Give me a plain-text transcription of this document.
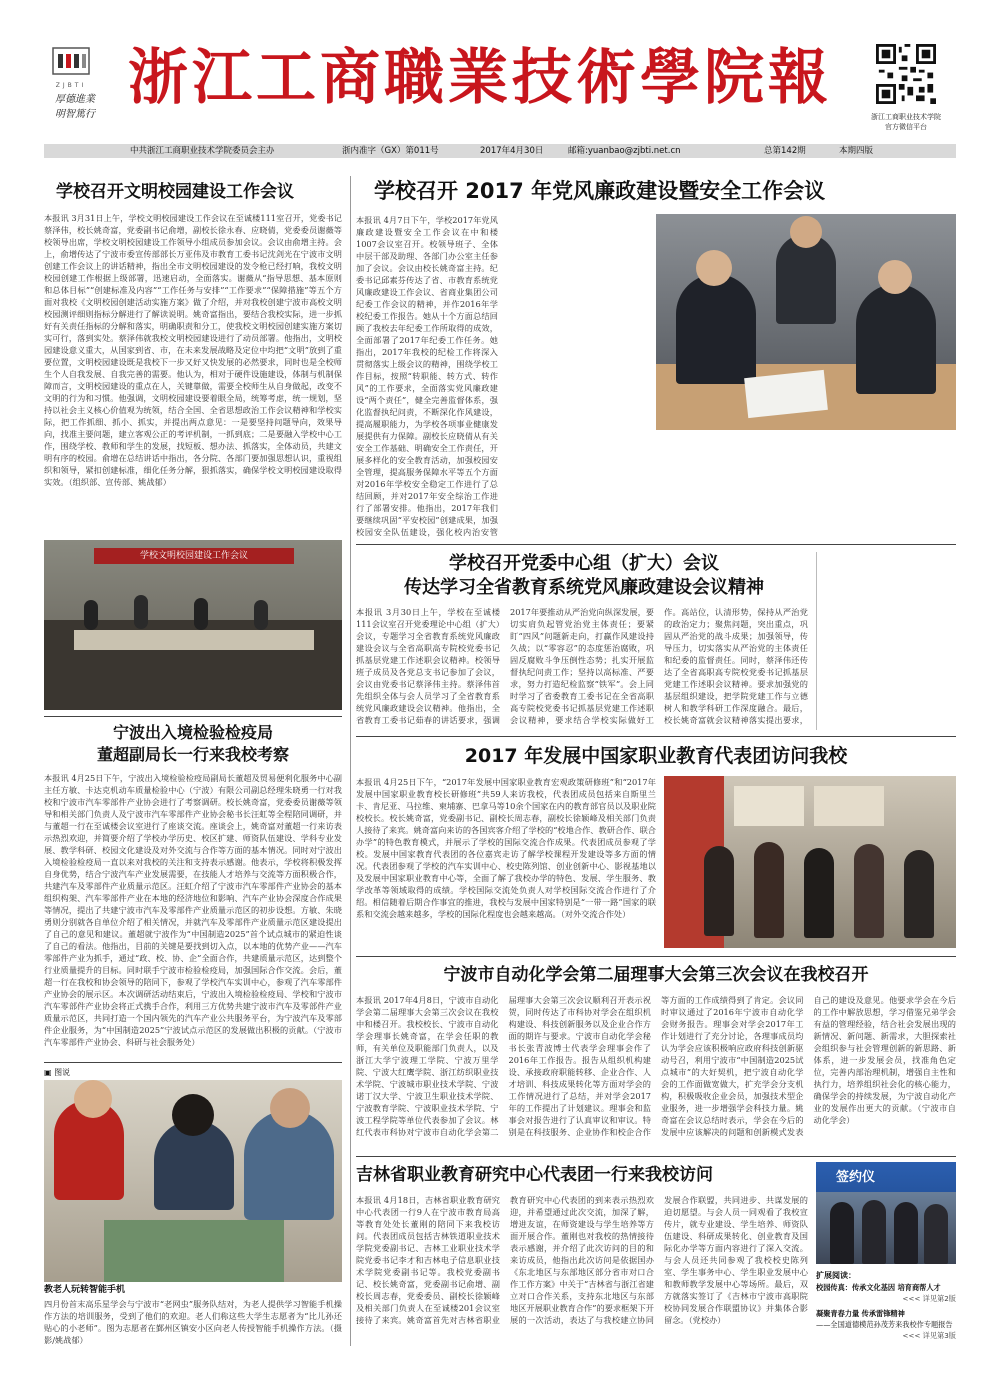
ZJBTI
厚德進業
明智篤行
浙江工商職業技術學院報
浙江工商职业技术学院
官方微信平台
中共浙江工商职业技术学院委员会主办	浙内准字（GX）第011号	2017年4月30日	邮箱:yuanbao@zjbti.net.cn	总第142期	本期四版
学校召开文明校园建设工作会议
本报讯 3月31日上午，学校文明校园建设工作会议在至诚楼111室召开，党委书记蔡泽伟，校长姚奇富，党委副书记俞增，副校长徐永春、应晓倩，党委委员谢薇等校领导出席，学校文明校园建设工作领导小组成员参加会议。会议由俞增主持。会上，俞增传达了宁波市委宣传部部长万亚伟及市教育工委书记沈剑光在宁波市文明创建工作会议上的讲话精神，指出全市文明校园建设的发令枪已经打响，我校文明校园创建工作根据上级部署，迅速启动，全面落实。谢薇从“指导思想、基本原则和总体目标”“创建标准及内容”“工作任务与安排”“工作要求”“保障措施”等五个方面对我校《文明校园创建活动实施方案》做了介绍，并对我校创建宁波市高校文明校园测评细则指标分解进行了解读说明。姚奇富指出，要结合我校实际，进一步抓好有关责任指标的分解和落实，明确职责和分工，使我校文明校园创建实施方案切实可行，落到实处。蔡泽伟就我校文明校园建设进行了动员部署。他指出，文明校园建设意义重大，从国家到省、市，在未来发展战略及定位中均把“文明”放到了重要位置，文明校园建设既是我校下一步又好又快发展的必然要求，同时也是全校师生个人自我发展、自我完善的需要。他认为，相对于硬件设施建设，体制与机制保障而言，文明校园建设的重点在人，关键靠做，需要全校师生从自身做起，改变不文明的行为和习惯。他强调，文明校园建设要着眼全局，统筹考虑，统一规划，坚持以社会主义核心价值观为统领，结合全国、全省思想政治工作会议精神和学校实际，把工作抓细、抓小、抓实，并提出两点意见：一是要坚持问题导向，效果导向，找准主要问题，建立客观公正的考评机制，一抓到底；二是要融入学校中心工作，围绕学校、教师和学生的发展，找短板、想办法、抓落实，全体动员，共建文明有序的校园。俞增在总结讲话中指出，各分院、各部门要加强思想认识，重视组织和领导，紧扣创建标准，细化任务分解，狠抓落实，确保学校文明校园建设取得实效。（组织部、宣传部、姚战郁）
学校文明校园建设工作会议
宁波出入境检验检疫局
董超副局长一行来我校考察
本报讯 4月25日下午，宁波出入境检验检疫局副局长董超及贸易便利化服务中心副主任方敏、卡达克机动车质量检验中心（宁波）有限公司副总经理朱晓勇一行对我校和宁波市汽车零部件产业协会进行了考察调研。校长姚奇富，党委委员谢薇等领导和相关部门负责人及宁波市汽车零部件产业协会秘书长汪虹等全程陪同调研，并与董超一行在至诚楼会议室进行了座谈交流。座谈会上，姚奇富对董超一行来访表示热烈欢迎，并简要介绍了学校办学历史、校区扩建、师资队伍建设、学科专业发展、教学科研、校园文化建设及对外交流与合作等方面的基本情况。同时对宁波出入境检验检疫局一直以来对我校的关注和支持表示感谢。他表示，学校将积极发挥自身优势，结合宁波汽车产业发展需要，在技能人才培养与交流等方面积极合作，共建汽车及零部件产业质量示范区。汪虹介绍了宁波市汽车零部件产业协会的基本组织构架、汽车零部件产业在本地的经济地位和影响、汽车产业协会深度合作成果等情况，提出了共建宁波市汽车及零部件产业质量示范区的初步设想。方敏、朱晓勇则分别就各自单位介绍了相关情况，并就汽车及零部件产业质量示范区建设提出了自己的意见和建议。董超就宁波作为“中国制造2025”首个试点城市的紧迫性谈了自己的看法。他指出，目前的关键是要找到切入点，以本地的优势产业——汽车零部件产业为抓手，通过“政、校、协、企”全面合作，共建质量示范区，达到整个行业质量提升的目标。同时联手宁波市检验检疫局，加强国际合作交流。会后，董超一行在我校和协会领导的陪同下，参观了学校汽车实训中心，参观了汽车零部件产业协会的展示区。本次调研活动结束后，宁波出入境检验检疫局、学校和宁波市汽车零部件产业协会将正式携手合作，利用三方优势共建宁波市汽车及零部件产业质量示范区，共同打造一个国内领先的汽车产业公共服务平台，为宁波汽车及零部件企业服务，为“中国制造2025”宁波试点示范区的发展做出积极的贡献。（宁波市汽车零部件产业协会、科研与社会服务处）
▣ 图说
教老人玩转智能手机
四月份首末高乐星学会与宁波市“老网虫”服务队结对，为老人提供学习智能手机操作方法的培训服务，受到了他们的欢迎。老人们称这些大学生志愿者为“比儿孙还贴心的小老师”。图为志愿者在鄞州区镇安小区向老人传授智能手机操作方法。（摄影/姚战郁）
学校召开 2017 年党风廉政建设暨安全工作会议
本报讯 4月7日下午，学校2017年党风廉政建设暨安全工作会议在中和楼1007会议室召开。校领导班子、全体中层干部及助理、各部门办公室主任参加了会议。会议由校长姚奇富主持。纪委书记邱素芬传达了省、市教育系统党风廉政建设工作会议、省商业集团公司纪委工作会议的精神，并作2016年学校纪委工作报告。她从十个方面总结回顾了我校去年纪委工作所取得的成效，全面部署了2017年纪委工作任务。她指出，2017年我校的纪检工作将深入贯彻落实上级会议的精神，围绕学校工作目标，按照“转职能、转方式、转作风”的工作要求，全面落实党风廉政建设“两个责任”，健全完善监督体系，强化监督执纪问责，不断深化作风建设，提高履职能力，为学校各项事业健康发展提供有力保障。副校长应晓倩从有关安全工作基础、明确安全工作责任，开展多样化的安全教育活动，加强校园安全管理，提高服务保障水平等五个方面对2016年学校安全稳定工作进行了总结回顾，并对2017年安全综治工作进行了部署安排。他指出，2017年我们要继续巩固“平安校园”创建成果，加强校园安全队伍建设，强化校内治安管
学校召开党委中心组（扩大）会议
传达学习全省教育系统党风廉政建设会议精神
本报讯 3月30日上午，学校在至诚楼111会议室召开党委理论中心组（扩大）会议，专题学习全省教育系统党风廉政建设会议与全省高职高专院校党委书记抓基层党建工作述职会议精神。校领导班子成员及各党总支书记参加了会议，会议由党委书记蔡泽伟主持。蔡泽伟首先组织全体与会人员学习了全省教育系统党风廉政建设会议精神。他指出，全省教育工委书记茹春的讲话要求，强调2017年要推动从严治党向纵深发展，要切实肩负起管党治党主体责任；要紧盯“四风”问题新走向，打赢作风建设持久战；以“零容忍”的态度惩治腐败，巩固反腐败斗争压倒性态势；扎实开展监督执纪问责工作；坚持以高标准、严要求，努力打造纪检监察“铁军”。会上同时学习了省委教育工委书记在全省高职高专院校党委书记抓基层党建工作述职会议精神，要求结合学校实际做好工作。高站位，认清形势，保持从严治党的政治定力；聚焦问题，突出重点，巩固从严治党的战斗成果；加强领导，传导压力，切实落实从严治党的主体责任和纪委的监督责任。同时，蔡泽伟还传达了全省高职高专院校党委书记抓基层党建工作述职会议精神。要求加强党的基层组织建设，把学院党建工作与立德树人和教学科研工作深度融合。最后，校长姚奇富就会议精神落实提出要求，
2017 年发展中国家职业教育代表团访问我校
本报讯 4月25日下午，“2017年发展中国家职业教育宏观政策研修班”和“2017年发展中国家职业教育校长研修班”共59人来访我校，代表团成员包括来自斯里兰卡、肯尼亚、马拉维、柬埔寨、巴拿马等10余个国家在内的教育部官员以及职业院校校长。校长姚奇富，党委副书记、副校长周志春，副校长徐颖峰及相关部门负责人接待了来宾。姚奇富向来访的各国宾客介绍了学校的“校地合作、教研合作、联合办学”的特色教育模式，并展示了学校的国际交流合作成果。代表团成员参观了学校。发展中国家教育代表团的各位嘉宾走访了解学校课程开发建设等多方面的情况。代表团参观了学校的汽车实训中心、校史陈列馆、创业创新中心、影视基地以及发展中国家职业教育中心等，全面了解了我校办学的特色、发展、学生服务、教学改革等领域取得的成绩。学校国际交流处负责人对学校国际交流合作进行了介绍。相信随着后期合作事宜的推进，我校与发展中国家特别是“一带一路”国家的联系和交流会越来越多，学校的国际化程度也会越来越高。（对外交流合作处）
宁波市自动化学会第二届理事大会第三次会议在我校召开
本报讯 2017年4月8日，宁波市自动化学会第二届理事大会第三次会议在我校中和楼召开。我校校长、宁波市自动化学会理事长姚奇富，在学会任职的教师，有关单位及职能部门负责人，以及浙江大学宁波理工学院、宁波万里学院、宁波大红鹰学院、浙江纺织职业技术学院、宁波城市职业技术学院、宁波诺丁汉大学、宁波卫生职业技术学院、宁波教育学院、宁波职业技术学院、宁波工程学院等单位代表参加了会议。林红代表市科协对宁波市自动化学会第二届理事大会第三次会议顺利召开表示祝贺，同时传达了市科协对学会在组织机构建设、科技创新服务以及企业合作方面的期许与要求。宁波市自动化学会秘书长张青波博士代表学会理事会作了2016年工作报告。报告从组织机构建设、承接政府职能转移、企业合作、人才培训、科技成果转化等方面对学会的工作情况进行了总结，并对学会2017年的工作提出了计划建议。理事会和监事会对报告进行了认真审议和审议。特别是在科技服务、企业协作和校企合作等方面的工作成绩得到了肯定。会议同时审议通过了2016年宁波市自动化学会财务报告。理事会对学会2017年工作计划进行了充分讨论，各理事成员均认为学会应该积极响应政府科技创新驱动号召，利用宁波市“中国制造2025试点城市”的大好契机，把宁波自动化学会的工作面做宽做大，扩充学会分支机构，积极吸收企业会员，加强技术型企业服务，进一步增强学会科技力量。姚奇富在会议总结时表示，学会在今后的发展中应该解决的问题和创新模式发表自己的建设及意见。他要求学会在今后的工作中解放思想，学习借鉴兄弟学会有益的管理经验，结合社会发展出现的新情况、新问题、新需求，大胆探索社会组织参与社会管理创新的新思路、新体系，进一步发展会员，找准角色定位，完善内部治理机制，增强自主性和执行力，培养组织社会化的核心能力，确保学会的持续发展，为宁波自动化产业的发展作出更大的贡献。（宁波市自动化学会）
吉林省职业教育研究中心代表团一行来我校访问
本报讯 4月18日，吉林省职业教育研究中心代表团一行9人在宁波市教育局高等教育处处长董刚的陪同下来我校访问。代表团成员包括吉林铁道职业技术学院党委副书记、吉林工业职业技术学院党委书记李才和吉林电子信息职业技术学院党委副书记等。我校党委副书记、校长姚奇富，党委副书记俞增、副校长周志春，党委委员、副校长徐颖峰及相关部门负责人在至诚楼201会议室接待了来宾。姚奇富首先对吉林省职业教育研究中心代表团的到来表示热烈欢迎，并希望通过此次交流，加深了解，增进友谊，在师资建设与学生培养等方面开展合作。董刚也对我校的热情接待表示感谢，并介绍了此次访问的目的和来访成员，他指出此次访问是依据国办《东北地区与东部地区部分省市对口合作工作方案》中关于“吉林省与浙江省建立对口合作关系，支持东北地区与东部地区开展职业教育合作”的要求框架下开展的一次活动，表达了与我校建立协同发展合作联盟，共同进步、共谋发展的迫切愿望。与会人员一同观看了我校宣传片，就专业建设、学生培养、师资队伍建设、科研成果转化、创业教育及国际化办学等方面内容进行了深入交流。与会人员还共同参观了我校校史陈列室、学生事务中心、学生职业发展中心和教师教学发展中心等场所。最后，双方就落实签订了《吉林市宁波市高职院校协同发展合作联盟协议》并集体合影留念。（党校办）
签约仪
扩展阅读：
校园传真：传承文化基因 培育商帮人才
<<< 详见第2版
凝聚青春力量 传承雷锋精神
——全国道德模范孙茂芳来我校作专题报告
<<< 详见第3版
